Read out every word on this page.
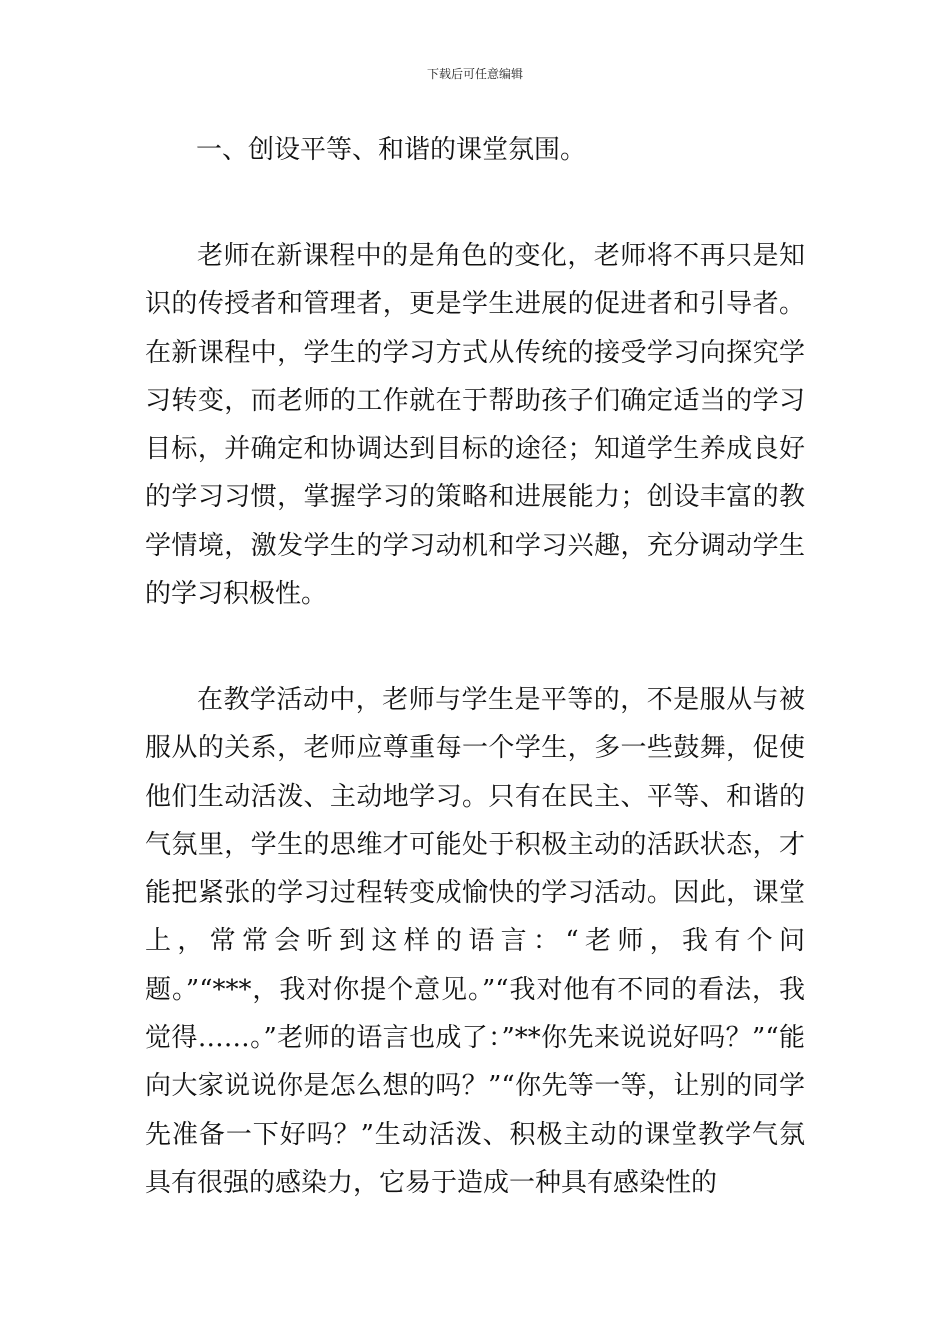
下载后可任意编辑
一、创设平等、和谐的课堂氛围。

老师在新课程中的是角色的变化，老师将不再只是知识的传授者和管理者，更是学生进展的促进者和引导者。在新课程中，学生的学习方式从传统的接受学习向探究学习转变，而老师的工作就在于帮助孩子们确定适当的学习目标，并确定和协调达到目标的途径；知道学生养成良好的学习习惯，掌握学习的策略和进展能力；创设丰富的教学情境，激发学生的学习动机和学习兴趣，充分调动学生的学习积极性。

在教学活动中，老师与学生是平等的，不是服从与被服从的关系，老师应尊重每一个学生，多一些鼓舞，促使他们生动活泼、主动地学习。只有在民主、平等、和谐的气氛里，学生的思维才可能处于积极主动的活跃状态，才能把紧张的学习过程转变成愉快的学习活动。因此，课堂上，常常会听到这样的语言：“老师，我有个问题。”“***，我对你提个意见。”“我对他有不同的看法，我觉得……。”老师的语言也成了：”**你先来说说好吗？”“能向大家说说你是怎么想的吗？”“你先等一等，让别的同学先准备一下好吗？”生动活泼、积极主动的课堂教学气氛具有很强的感染力，它易于造成一种具有感染性的
